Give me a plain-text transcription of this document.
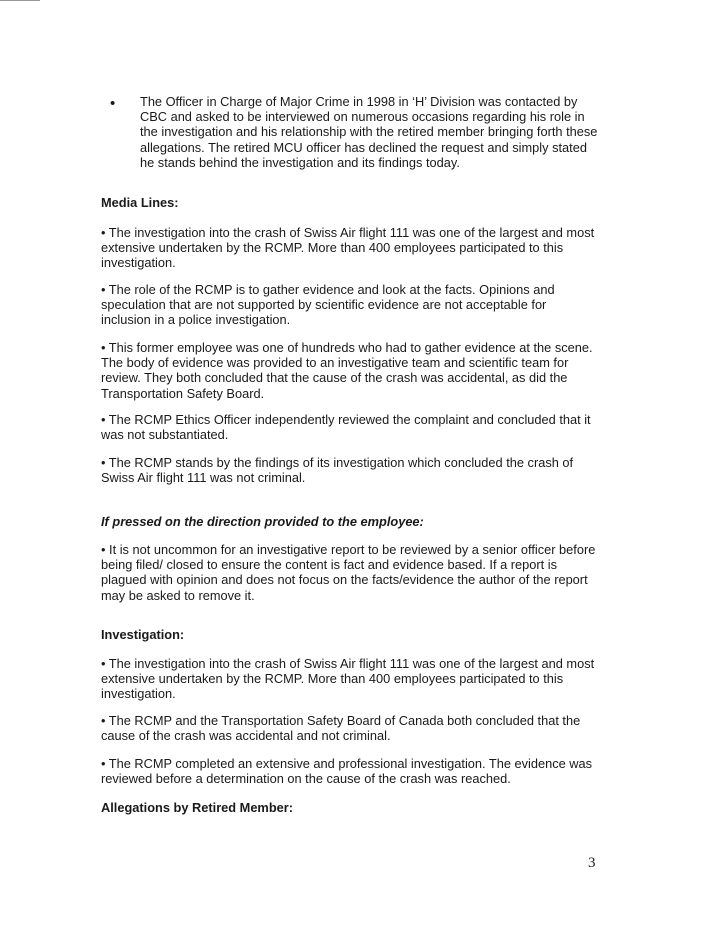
• The Officer in Charge of Major Crime in 1998 in ‘H’ Division was contacted by CBC and asked to be interviewed on numerous occasions regarding his role in the investigation and his relationship with the retired member bringing forth these allegations. The retired MCU officer has declined the request and simply stated he stands behind the investigation and its findings today.

Media Lines:

• The investigation into the crash of Swiss Air flight 111 was one of the largest and most extensive undertaken by the RCMP. More than 400 employees participated to this investigation.

• The role of the RCMP is to gather evidence and look at the facts. Opinions and speculation that are not supported by scientific evidence are not acceptable for inclusion in a police investigation.

• This former employee was one of hundreds who had to gather evidence at the scene. The body of evidence was provided to an investigative team and scientific team for review. They both concluded that the cause of the crash was accidental, as did the Transportation Safety Board.

• The RCMP Ethics Officer independently reviewed the complaint and concluded that it was not substantiated.

• The RCMP stands by the findings of its investigation which concluded the crash of Swiss Air flight 111 was not criminal.

If pressed on the direction provided to the employee:

• It is not uncommon for an investigative report to be reviewed by a senior officer before being filed/ closed to ensure the content is fact and evidence based. If a report is plagued with opinion and does not focus on the facts/evidence the author of the report may be asked to remove it.

Investigation:

• The investigation into the crash of Swiss Air flight 111 was one of the largest and most extensive undertaken by the RCMP. More than 400 employees participated to this investigation.

• The RCMP and the Transportation Safety Board of Canada both concluded that the cause of the crash was accidental and not criminal.

• The RCMP completed an extensive and professional investigation. The evidence was reviewed before a determination on the cause of the crash was reached.

Allegations by Retired Member:

3
